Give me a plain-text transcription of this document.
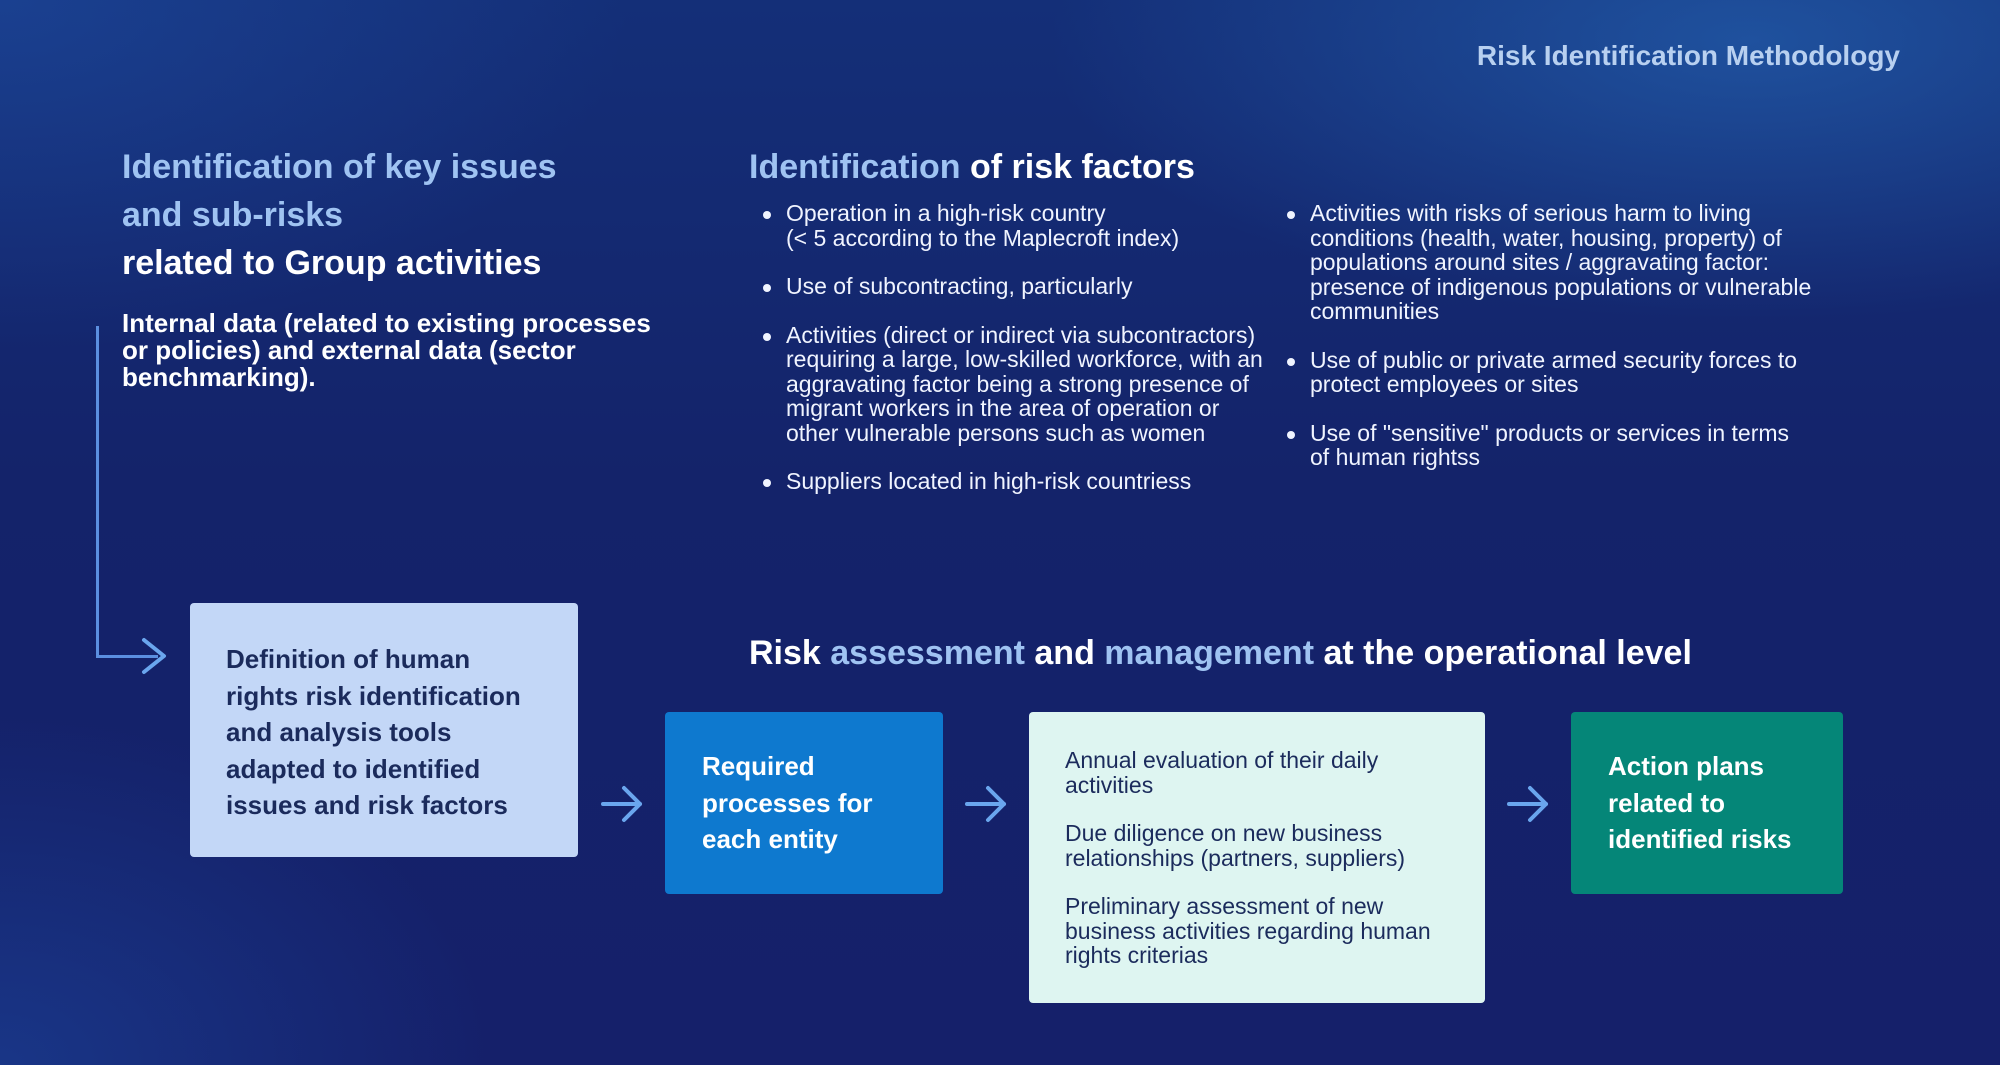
Risk Identification Methodology
Identification of key issues
and sub-risks
related to Group activities
Internal data (related to existing processes or policies) and external data (sector benchmarking).
Identification of risk factors
Operation in a high-risk country
(< 5 according to the Maplecroft index)
Use of subcontracting, particularly
Activities (direct or indirect via subcontractors) requiring a large, low-skilled workforce, with an aggravating factor being a strong presence of migrant workers in the area of operation or other vulnerable persons such as women
Suppliers located in high-risk countriess
Activities with risks of serious harm to living conditions (health, water, housing, property) of populations around sites / aggravating factor: presence of indigenous populations or vulnerable communities
Use of public or private armed security forces to protect employees or sites
Use of "sensitive" products or services in terms of human rightss
Definition of human rights risk identification and analysis tools adapted to identified issues and risk factors
Risk assessment and management at the operational level
Required processes for each entity

Annual evaluation of their daily activities

Due diligence on new business relationships (partners, suppliers)

Preliminary assessment of new business activities regarding human rights criterias

Action plans related to identified risks
